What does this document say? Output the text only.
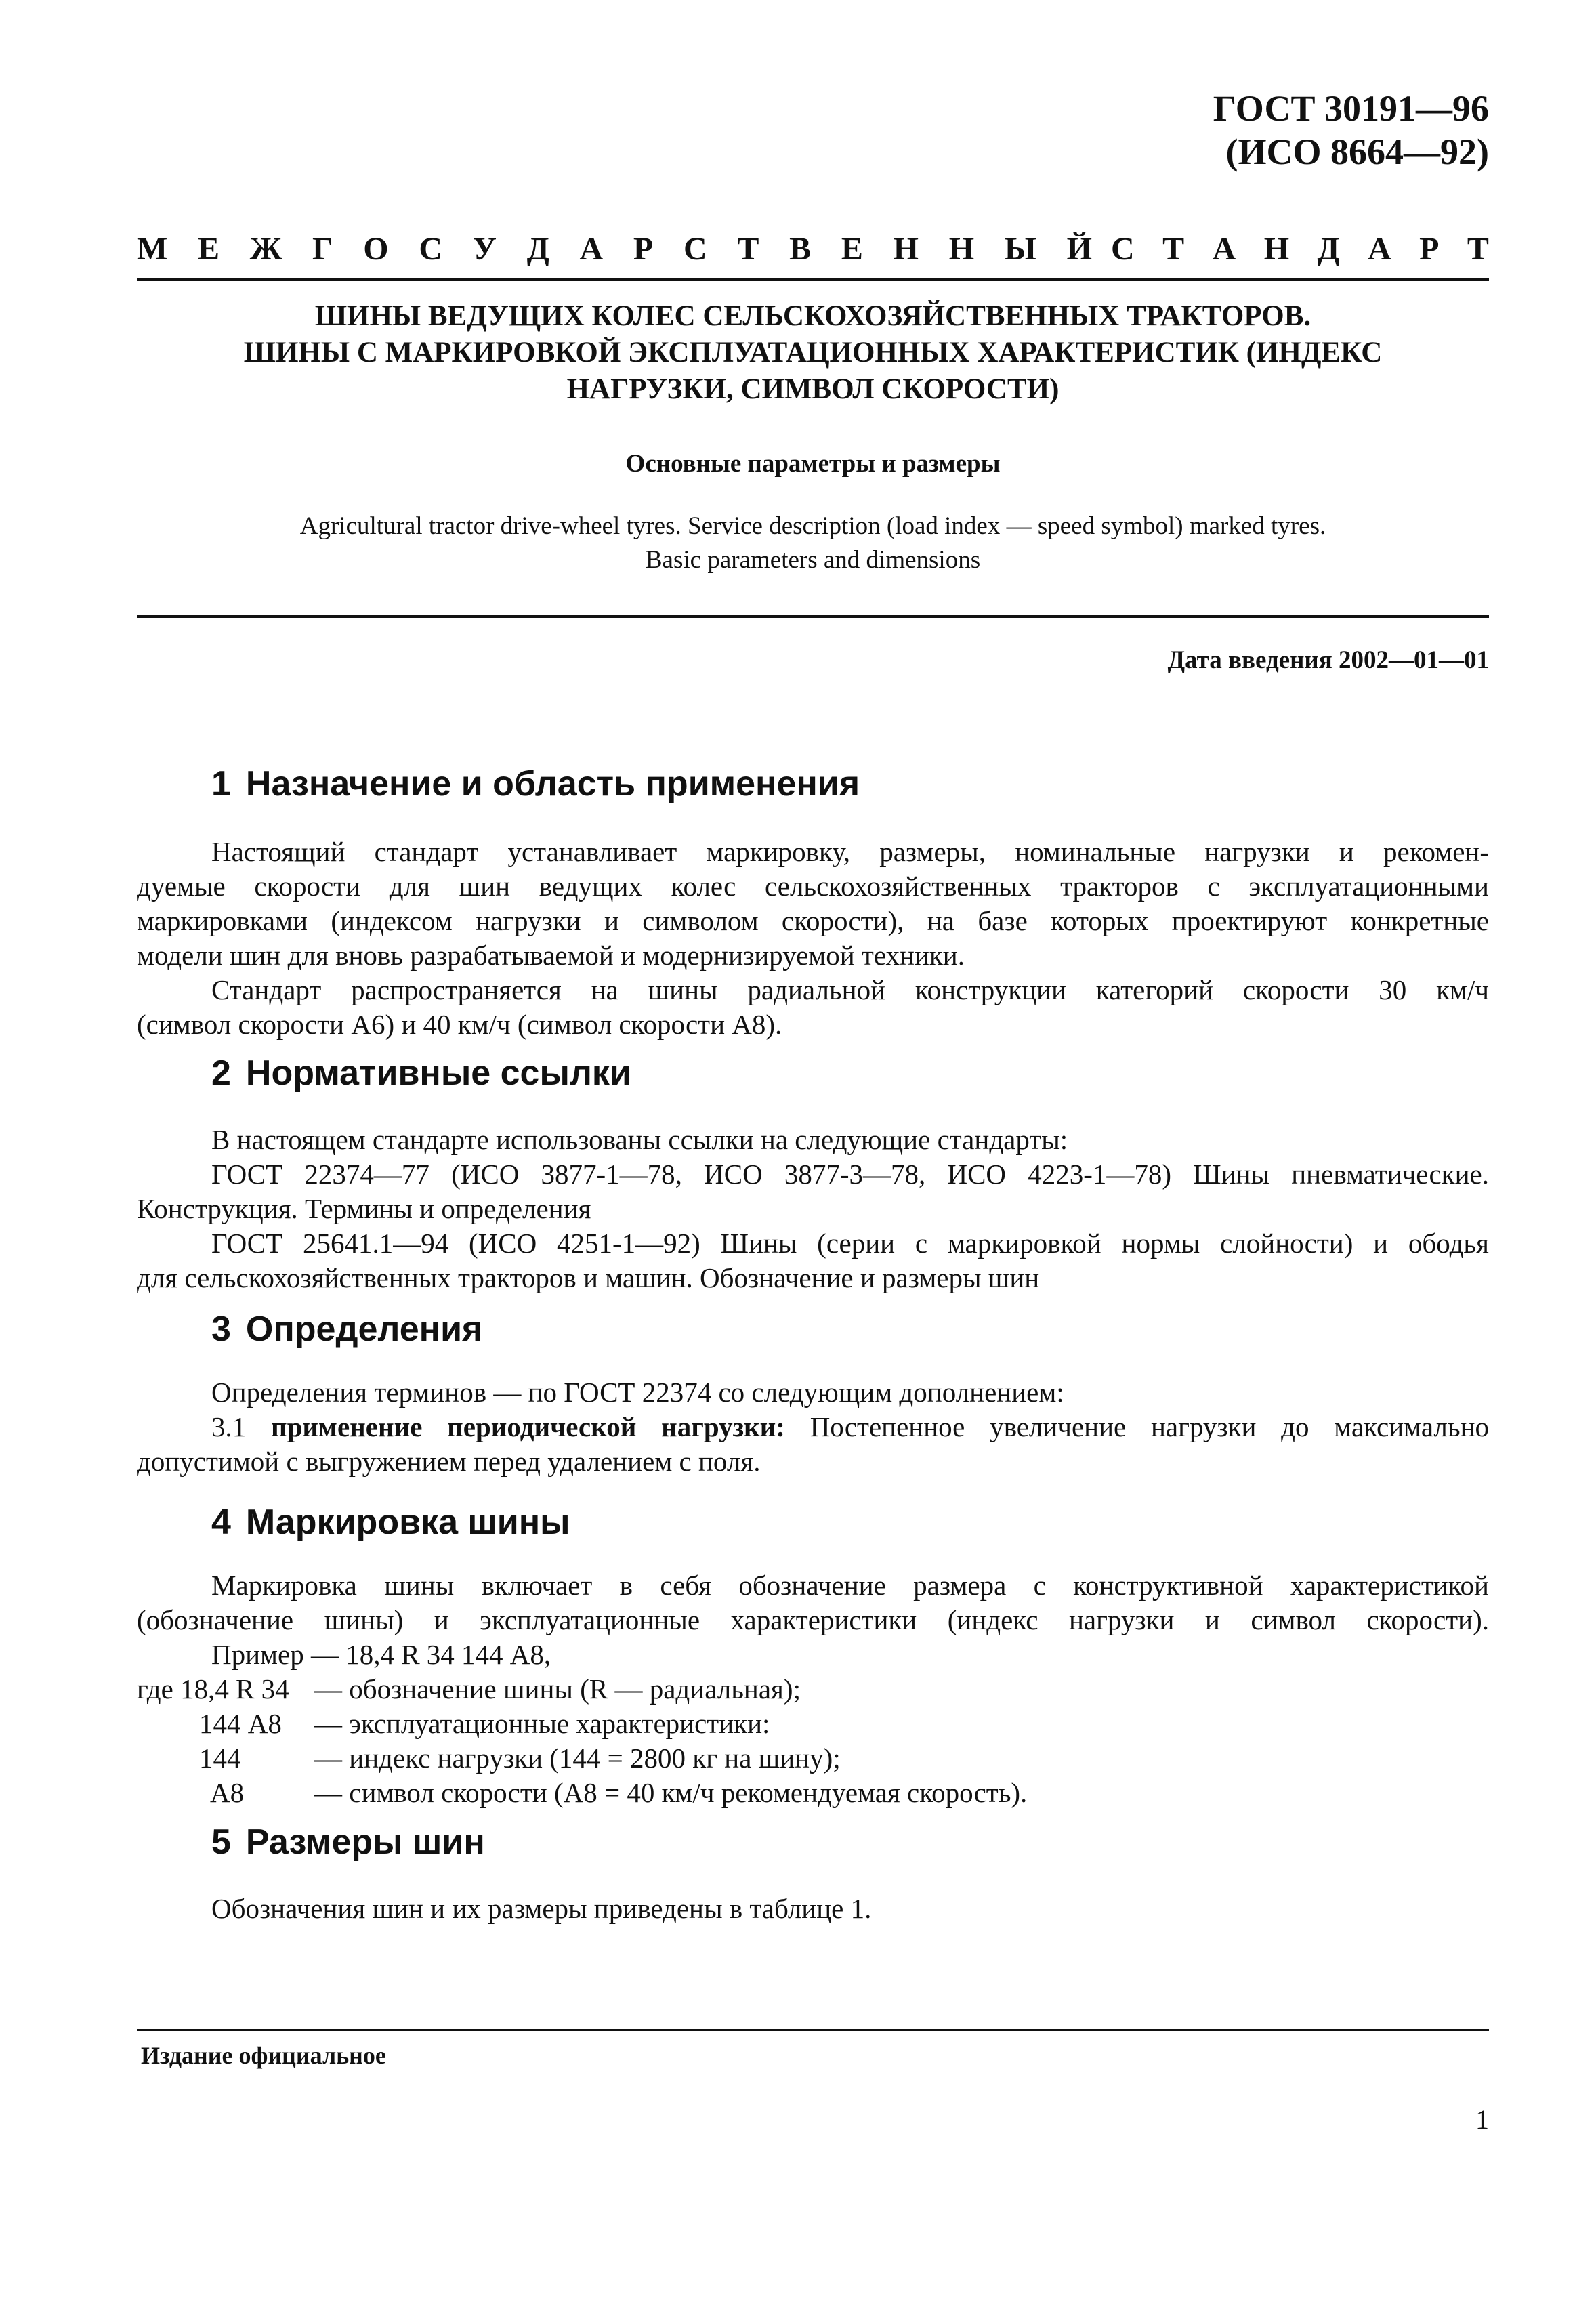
ГОСТ 30191—96
(ИСО 8664—92)
М Е Ж Г О С У Д А Р С Т В Е Н Н Ы Й С Т А Н Д А Р Т
ШИНЫ ВЕДУЩИХ КОЛЕС СЕЛЬСКОХОЗЯЙСТВЕННЫХ ТРАКТОРОВ.
ШИНЫ С МАРКИРОВКОЙ ЭКСПЛУАТАЦИОННЫХ ХАРАКТЕРИСТИК (ИНДЕКС
НАГРУЗКИ, СИМВОЛ СКОРОСТИ)
Основные параметры и размеры
Agricultural tractor drive-wheel tyres. Service description (load index — speed symbol) marked tyres.
Basic parameters and dimensions
Дата введения 2002—01—01
1 Назначение и область применения
Настоящий стандарт устанавливает маркировку, размеры, номинальные нагрузки и рекомен-
дуемые скорости для шин ведущих колес сельскохозяйственных тракторов с эксплуатационными
маркировками (индексом нагрузки и символом скорости), на базе которых проектируют конкретные
модели шин для вновь разрабатываемой и модернизируемой техники.
Стандарт распространяется на шины радиальной конструкции категорий скорости 30 км/ч
(символ скорости А6) и 40 км/ч (символ скорости А8).
2 Нормативные ссылки
В настоящем стандарте использованы ссылки на следующие стандарты:
ГОСТ 22374—77 (ИСО 3877-1—78, ИСО 3877-3—78, ИСО 4223-1—78) Шины пневматические.
Конструкция. Термины и определения
ГОСТ 25641.1—94 (ИСО 4251-1—92) Шины (серии с маркировкой нормы слойности) и ободья
для сельскохозяйственных тракторов и машин. Обозначение и размеры шин
3 Определения
Определения терминов — по ГОСТ 22374 со следующим дополнением:
3.1 применение периодической нагрузки: Постепенное увеличение нагрузки до максимально
допустимой с выгружением перед удалением с поля.
4 Маркировка шины
Маркировка шины включает в себя обозначение размера с конструктивной характеристикой
(обозначение шины) и эксплуатационные характеристики (индекс нагрузки и символ скорости).
Пример — 18,4 R 34 144 А8,
где 18,4 R 34 — обозначение шины (R — радиальная);
144 А8 — эксплуатационные характеристики:
144	— индекс нагрузки (144 = 2800 кг на шину);
А8	— символ скорости (А8 = 40 км/ч рекомендуемая скорость).
5 Размеры шин
Обозначения шин и их размеры приведены в таблице 1.
Издание официальное
1
